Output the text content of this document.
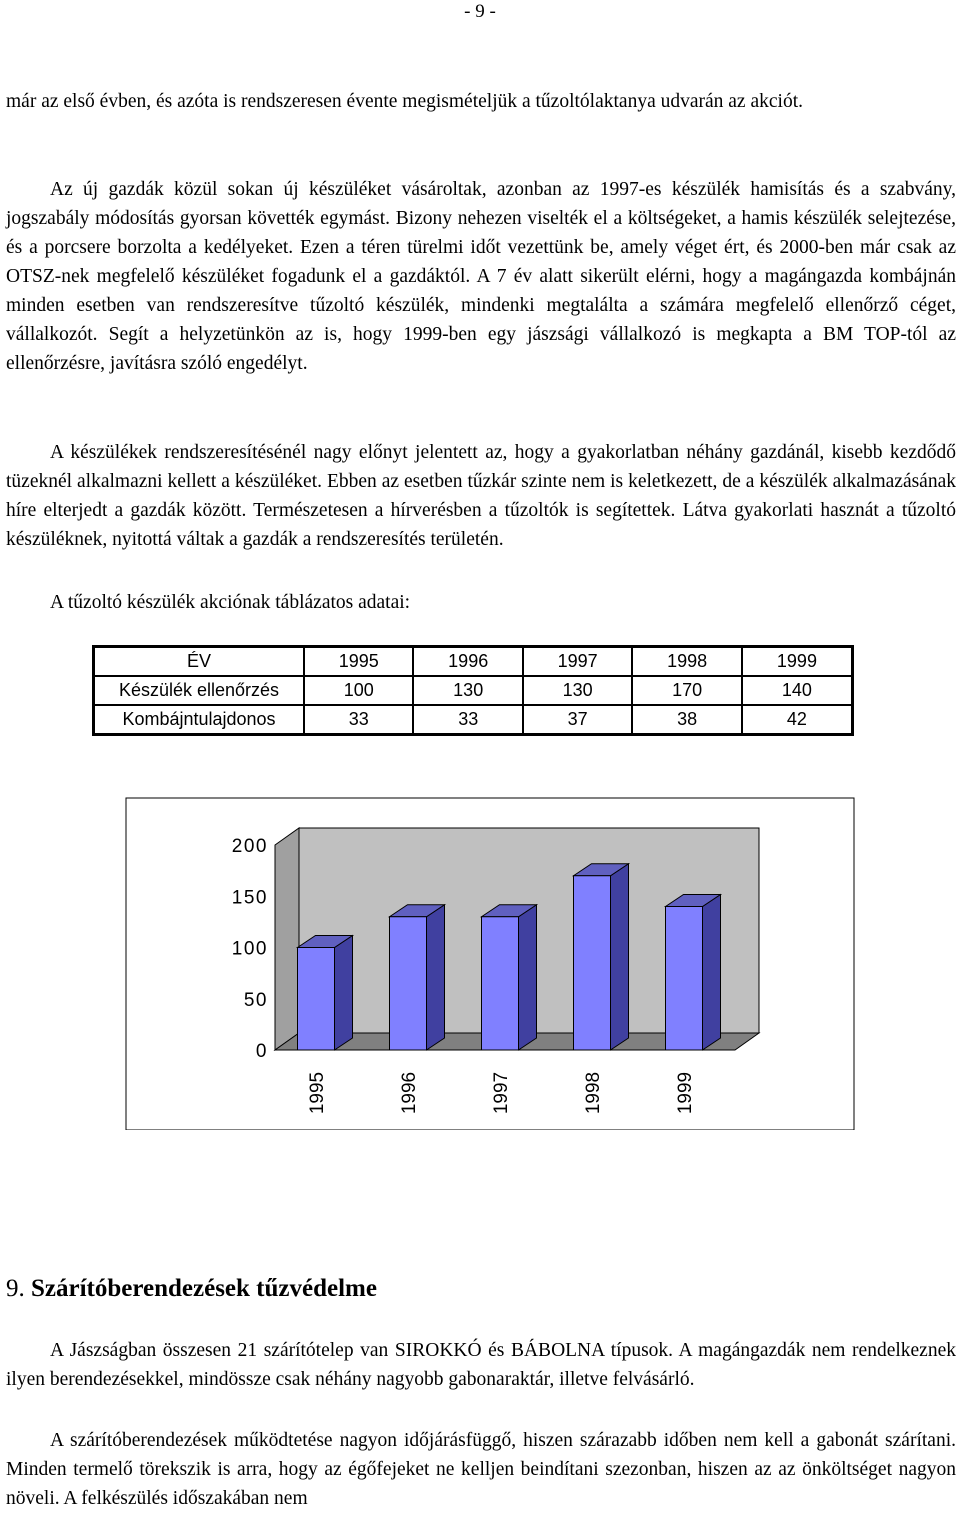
- 9 -

már az első évben, és azóta is rendszeresen évente megismételjük a tűzoltólaktanya udvarán az akciót.

Az új gazdák közül sokan új készüléket vásároltak, azonban az 1997-es készülék hamisítás és a szabvány, jogszabály módosítás gyorsan követték egymást. Bizony nehezen viselték el a költségeket, a hamis készülék selejtezése, és a porcsere borzolta a kedélyeket. Ezen a téren türelmi időt vezettünk be, amely véget ért, és 2000-ben már csak az OTSZ-nek megfelelő készüléket fogadunk el a gazdáktól. A 7 év alatt sikerült elérni, hogy a magángazda kombájnán minden esetben van rendszeresítve tűzoltó készülék, mindenki megtalálta a számára megfelelő ellenőrző céget, vállalkozót. Segít a helyzetünkön az is, hogy 1999-ben egy jászsági vállalkozó is megkapta a BM TOP-tól az ellenőrzésre, javításra szóló engedélyt.

A készülékek rendszeresítésénél nagy előnyt jelentett az, hogy a gyakorlatban néhány gazdánál, kisebb kezdődő tüzeknél alkalmazni kellett a készüléket. Ebben az esetben tűzkár szinte nem is keletkezett, de a készülék alkalmazásának híre elterjedt a gazdák között. Természetesen a hírverésben a tűzoltók is segítettek. Látva gyakorlati hasznát a tűzoltó készüléknek, nyitottá váltak a gazdák a rendszeresítés területén.

A tűzoltó készülék akciónak táblázatos adatai:

ÉV	1995	1996	1997	1998	1999
Készülék ellenőrzés	100	130	130	170	140
Kombájntulajdonos	33	33	37	38	42
200
150
100
50
0
1995	1996	1997	1998	1999
9. Szárítóberendezések tűzvédelme

A Jászságban összesen 21 szárítótelep van SIROKKÓ és BÁBOLNA típusok. A magángazdák nem rendelkeznek ilyen berendezésekkel, mindössze csak néhány nagyobb gabonaraktár, illetve felvásárló.

A szárítóberendezések működtetése nagyon időjárásfüggő, hiszen szárazabb időben nem kell a gabonát szárítani. Minden termelő törekszik is arra, hogy az égőfejeket ne kelljen beindítani szezonban, hiszen az az önköltséget nagyon növeli. A felkészülés időszakában nem
